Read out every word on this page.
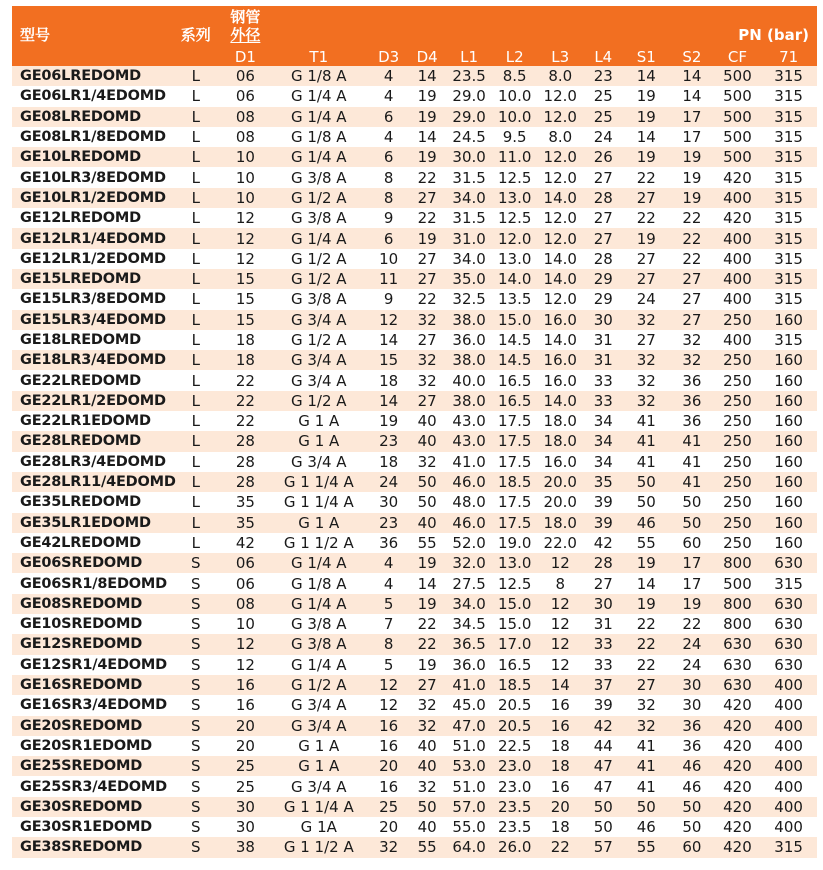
型号	系列	钢管
外径										PN (bar)	
		D1	T1	D3	D4	L1	L2	L3	L4	S1	S2	CF	71
GE06LREDOMD	L	06	G 1/8 A	4	14	23.5	8.5	8.0	23	14	14	500	315
GE06LR1/4EDOMD	L	06	G 1/4 A	4	19	29.0	10.0	12.0	25	19	14	500	315
GE08LREDOMD	L	08	G 1/4 A	6	19	29.0	10.0	12.0	25	19	17	500	315
GE08LR1/8EDOMD	L	08	G 1/8 A	4	14	24.5	9.5	8.0	24	14	17	500	315
GE10LREDOMD	L	10	G 1/4 A	6	19	30.0	11.0	12.0	26	19	19	500	315
GE10LR3/8EDOMD	L	10	G 3/8 A	8	22	31.5	12.5	12.0	27	22	19	420	315
GE10LR1/2EDOMD	L	10	G 1/2 A	8	27	34.0	13.0	14.0	28	27	19	400	315
GE12LREDOMD	L	12	G 3/8 A	9	22	31.5	12.5	12.0	27	22	22	420	315
GE12LR1/4EDOMD	L	12	G 1/4 A	6	19	31.0	12.0	12.0	27	19	22	400	315
GE12LR1/2EDOMD	L	12	G 1/2 A	10	27	34.0	13.0	14.0	28	27	22	400	315
GE15LREDOMD	L	15	G 1/2 A	11	27	35.0	14.0	14.0	29	27	27	400	315
GE15LR3/8EDOMD	L	15	G 3/8 A	9	22	32.5	13.5	12.0	29	24	27	400	315
GE15LR3/4EDOMD	L	15	G 3/4 A	12	32	38.0	15.0	16.0	30	32	27	250	160
GE18LREDOMD	L	18	G 1/2 A	14	27	36.0	14.5	14.0	31	27	32	400	315
GE18LR3/4EDOMD	L	18	G 3/4 A	15	32	38.0	14.5	16.0	31	32	32	250	160
GE22LREDOMD	L	22	G 3/4 A	18	32	40.0	16.5	16.0	33	32	36	250	160
GE22LR1/2EDOMD	L	22	G 1/2 A	14	27	38.0	16.5	14.0	33	32	36	250	160
GE22LR1EDOMD	L	22	G 1 A	19	40	43.0	17.5	18.0	34	41	36	250	160
GE28LREDOMD	L	28	G 1 A	23	40	43.0	17.5	18.0	34	41	41	250	160
GE28LR3/4EDOMD	L	28	G 3/4 A	18	32	41.0	17.5	16.0	34	41	41	250	160
GE28LR11/4EDOMD	L	28	G 1 1/4 A	24	50	46.0	18.5	20.0	35	50	41	250	160
GE35LREDOMD	L	35	G 1 1/4 A	30	50	48.0	17.5	20.0	39	50	50	250	160
GE35LR1EDOMD	L	35	G 1 A	23	40	46.0	17.5	18.0	39	46	50	250	160
GE42LREDOMD	L	42	G 1 1/2 A	36	55	52.0	19.0	22.0	42	55	60	250	160
GE06SREDOMD	S	06	G 1/4 A	4	19	32.0	13.0	12	28	19	17	800	630
GE06SR1/8EDOMD	S	06	G 1/8 A	4	14	27.5	12.5	8	27	14	17	500	315
GE08SREDOMD	S	08	G 1/4 A	5	19	34.0	15.0	12	30	19	19	800	630
GE10SREDOMD	S	10	G 3/8 A	7	22	34.5	15.0	12	31	22	22	800	630
GE12SREDOMD	S	12	G 3/8 A	8	22	36.5	17.0	12	33	22	24	630	630
GE12SR1/4EDOMD	S	12	G 1/4 A	5	19	36.0	16.5	12	33	22	24	630	630
GE16SREDOMD	S	16	G 1/2 A	12	27	41.0	18.5	14	37	27	30	630	400
GE16SR3/4EDOMD	S	16	G 3/4 A	12	32	45.0	20.5	16	39	32	30	420	400
GE20SREDOMD	S	20	G 3/4 A	16	32	47.0	20.5	16	42	32	36	420	400
GE20SR1EDOMD	S	20	G 1 A	16	40	51.0	22.5	18	44	41	36	420	400
GE25SREDOMD	S	25	G 1 A	20	40	53.0	23.0	18	47	41	46	420	400
GE25SR3/4EDOMD	S	25	G 3/4 A	16	32	51.0	23.0	16	47	41	46	420	400
GE30SREDOMD	S	30	G 1 1/4 A	25	50	57.0	23.5	20	50	50	50	420	400
GE30SR1EDOMD	S	30	G 1A	20	40	55.0	23.5	18	50	46	50	420	400
GE38SREDOMD	S	38	G 1 1/2 A	32	55	64.0	26.0	22	57	55	60	420	315
